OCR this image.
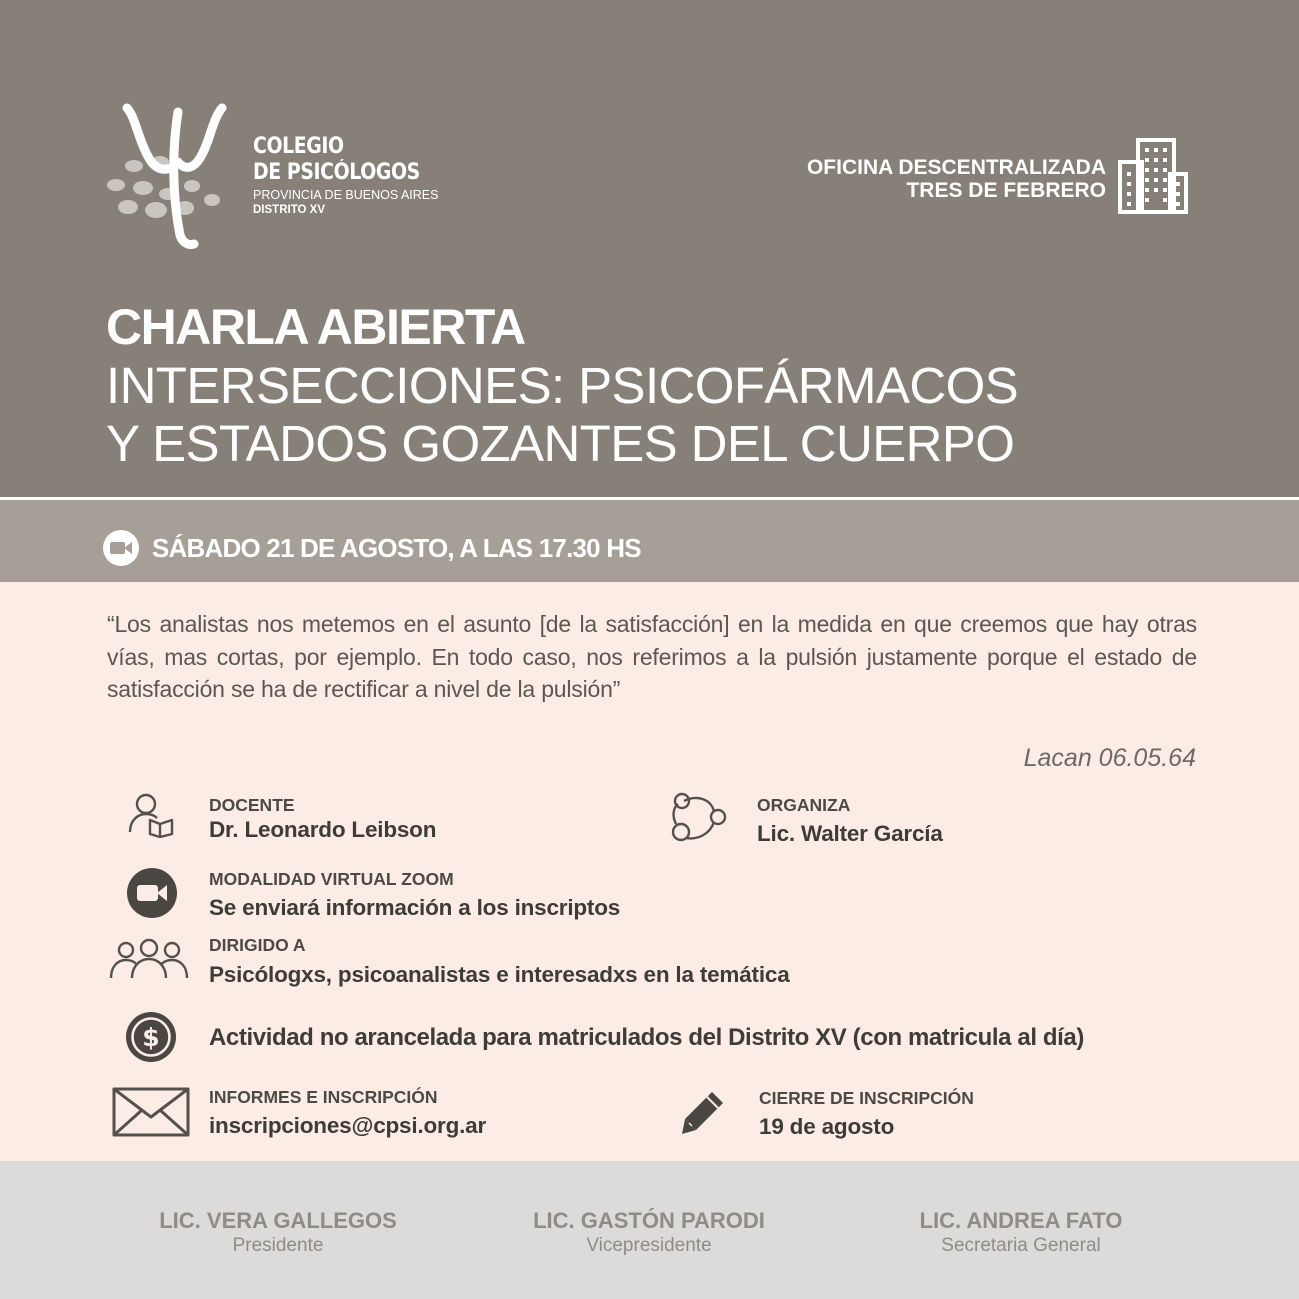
COLEGIO
DE PSICÓLOGOS
PROVINCIA DE BUENOS AIRES
DISTRITO XV
OFICINA DESCENTRALIZADA
TRES DE FEBRERO
CHARLA ABIERTA
INTERSECCIONES: PSICOFÁRMACOS
Y ESTADOS GOZANTES DEL CUERPO
SÁBADO 21 DE AGOSTO, A LAS 17.30 HS
“Los analistas nos metemos en el asunto [de la satisfacción] en la medida en que creemos que hay otras vías, mas cortas, por ejemplo. En todo caso, nos referimos a la pulsión justamente porque el estado de satisfacción se ha de rectificar a nivel de la pulsión”
Lacan 06.05.64
DOCENTE
Dr. Leonardo Leibson
ORGANIZA
Lic. Walter García
MODALIDAD VIRTUAL ZOOM
Se enviará información a los inscriptos
DIRIGIDO A
Psicólogxs, psicoanalistas e interesadxs en la temática
$ Actividad no arancelada para matriculados del Distrito XV (con matricula al día)
INFORMES E INSCRIPCIÓN
inscripciones@cpsi.org.ar
CIERRE DE INSCRIPCIÓN
19 de agosto
LIC. VERA GALLEGOS
Presidente
LIC. GASTÓN PARODI
Vicepresidente
LIC. ANDREA FATO
Secretaria General
